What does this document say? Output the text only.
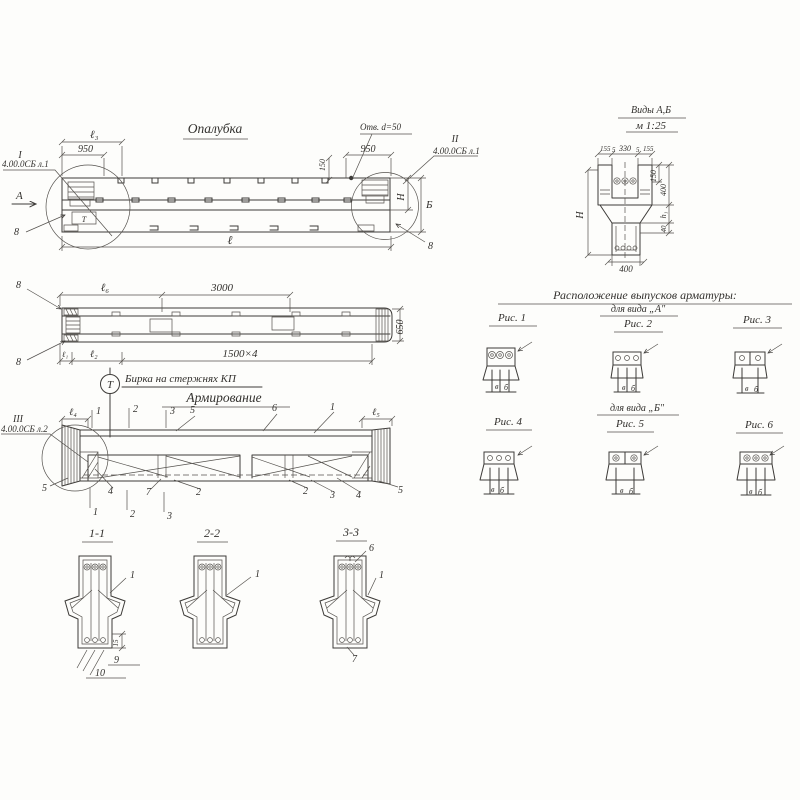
Опалубка
ℓ₃
950
Отв. d=50
950
150
I
4.00.0СБ л.1
А
8
Н
Б
II
4.00.0СБ л.1
8
ℓ
Т
Виды А,Б
м 1:25
155 5 330 5 155
150
400
h₁
40
400
Н
ℓ₆	3000
650
ℓ₁ ℓ₂	1500×4
8
8
Т Бирка на стержнях КП
Армирование
III
4.00.0СБ л.2
ℓ₄	ℓ₅
1	2	3 5	6	1
1	2	3
5	4	7	2	2 3 4	5
Расположение выпусков арматуры:
для вида „А″
Рис. 1	Рис. 2	Рис. 3
для вида „Б″
Рис. 4	Рис. 5	Рис. 6
в б	в б	в б
в б	в б	в б
1-1
1
15
9
10
2-2
1
3-3
6
1
7
